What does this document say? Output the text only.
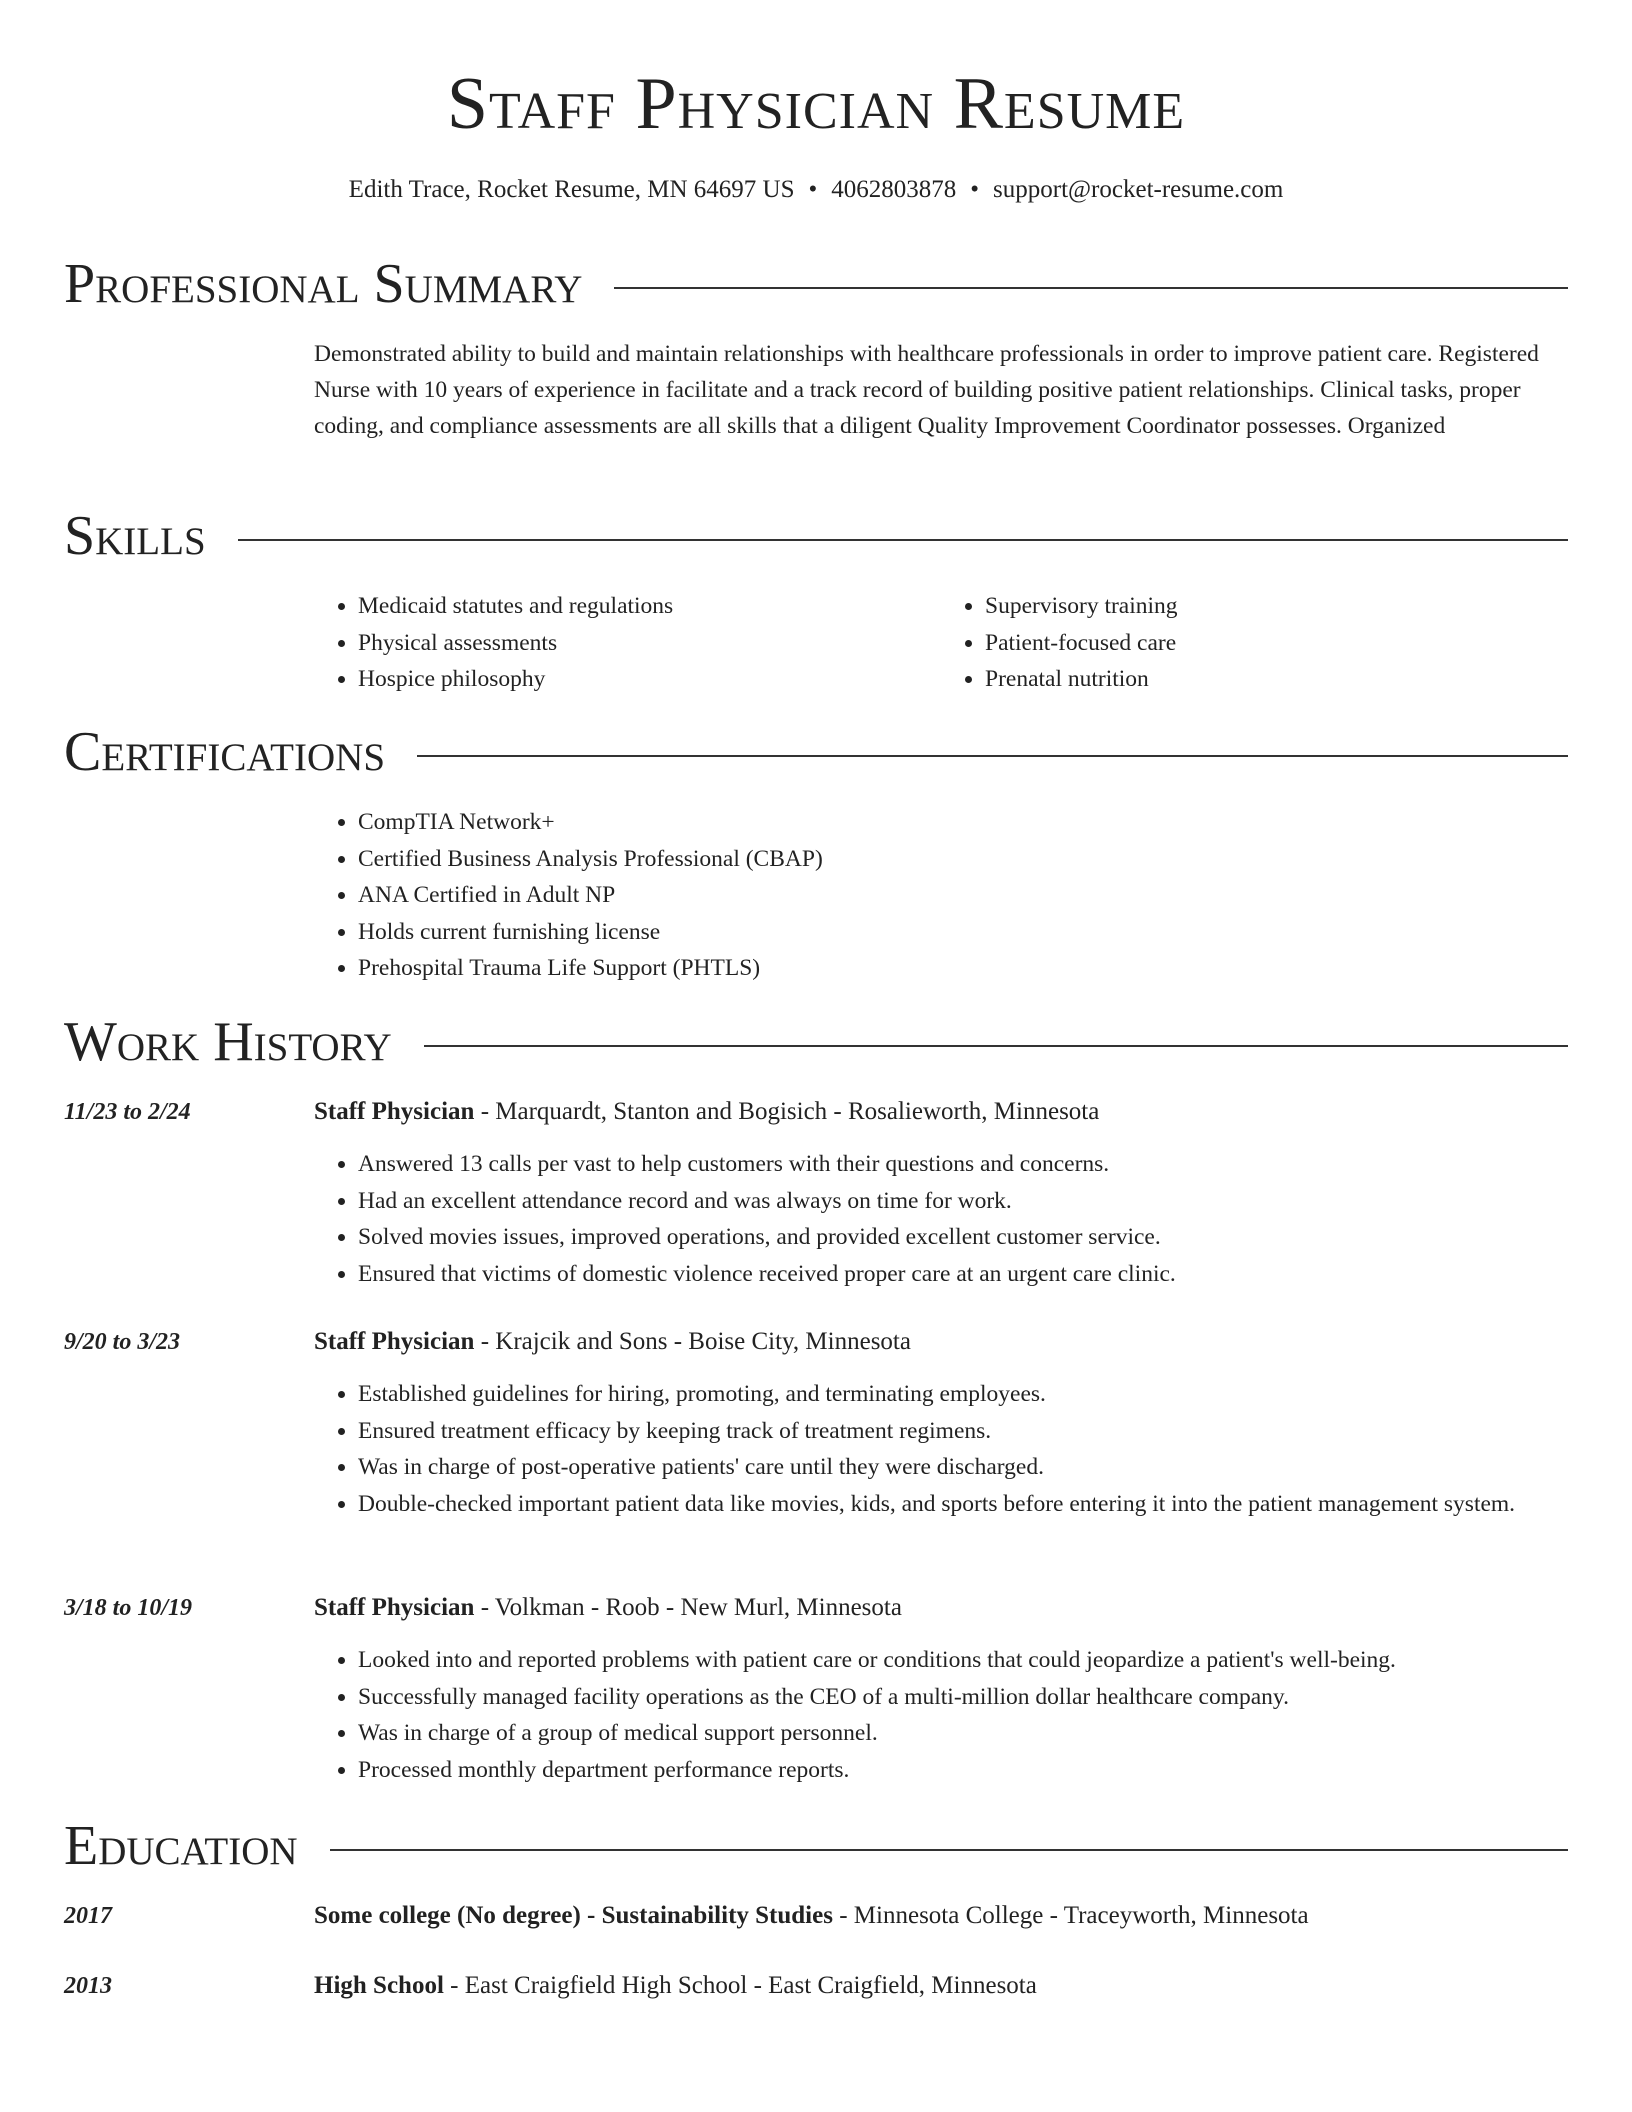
Staff Physician Resume
Edith Trace, Rocket Resume, MN 64697 US • 4062803878 • support@rocket-resume.com
Professional Summary

Demonstrated ability to build and maintain relationships with healthcare professionals in order to improve patient care. Registered Nurse with 10 years of experience in facilitate and a track record of building positive patient relationships. Clinical tasks, proper coding, and compliance assessments are all skills that a diligent Quality Improvement Coordinator possesses. Organized

Skills
• Medicaid statutes and regulations
• Physical assessments
• Hospice philosophy
• Supervisory training
• Patient-focused care
• Prenatal nutrition
Certifications
• CompTIA Network+
• Certified Business Analysis Professional (CBAP)
• ANA Certified in Adult NP
• Holds current furnishing license
• Prehospital Trauma Life Support (PHTLS)
Work History
11/23 to 2/24	Staff Physician - Marquardt, Stanton and Bogisich - Rosalieworth, Minnesota
• Answered 13 calls per vast to help customers with their questions and concerns.
• Had an excellent attendance record and was always on time for work.
• Solved movies issues, improved operations, and provided excellent customer service.
• Ensured that victims of domestic violence received proper care at an urgent care clinic.
9/20 to 3/23	Staff Physician - Krajcik and Sons - Boise City, Minnesota
• Established guidelines for hiring, promoting, and terminating employees.
• Ensured treatment efficacy by keeping track of treatment regimens.
• Was in charge of post-operative patients' care until they were discharged.
• Double-checked important patient data like movies, kids, and sports before entering it into the patient management system.
3/18 to 10/19	Staff Physician - Volkman - Roob - New Murl, Minnesota
• Looked into and reported problems with patient care or conditions that could jeopardize a patient's well-being.
• Successfully managed facility operations as the CEO of a multi-million dollar healthcare company.
• Was in charge of a group of medical support personnel.
• Processed monthly department performance reports.
Education
2017	Some college (No degree) - Sustainability Studies - Minnesota College - Traceyworth, Minnesota
2013	High School - East Craigfield High School - East Craigfield, Minnesota
